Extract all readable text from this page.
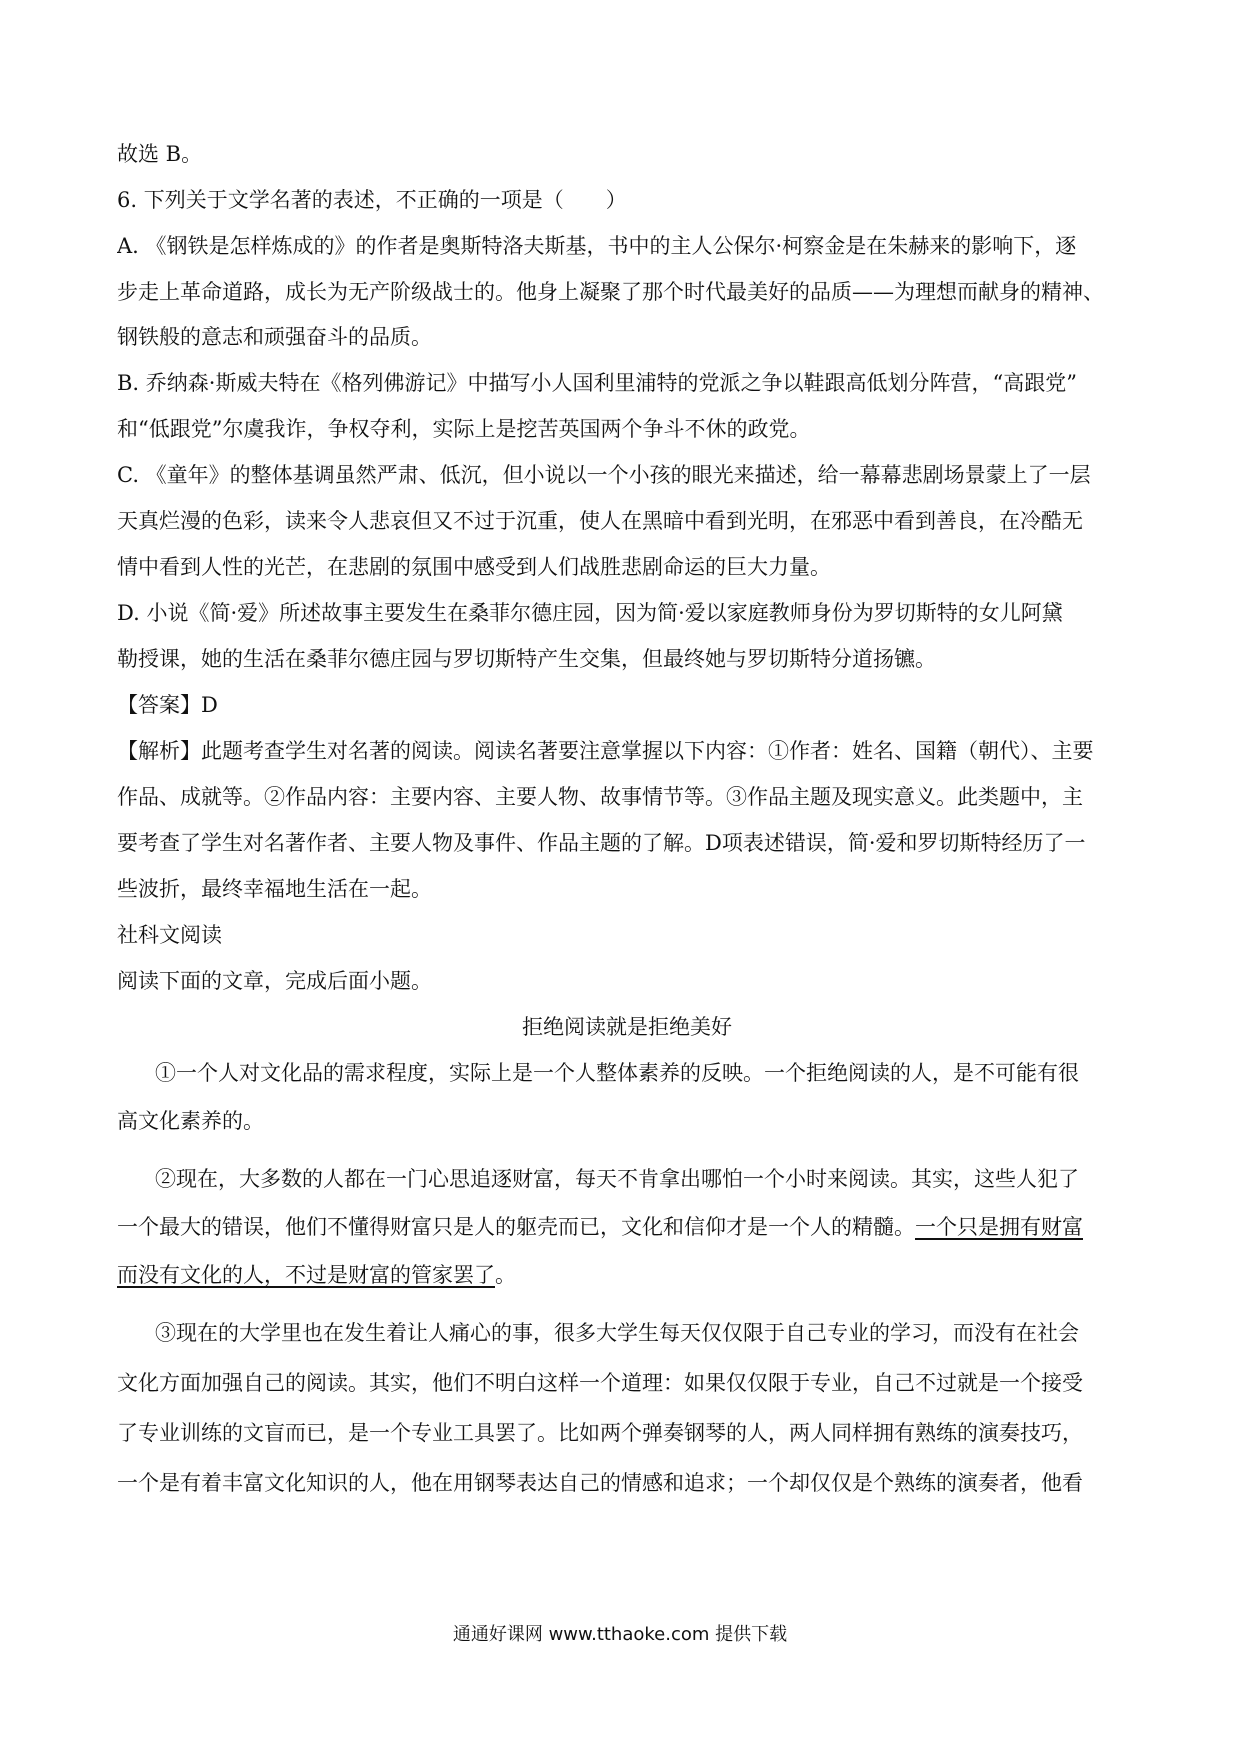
故选 B。
6. 下列关于文学名著的表述，不正确的一项是（　　）
A. 《钢铁是怎样炼成的》的作者是奥斯特洛夫斯基，书中的主人公保尔·柯察金是在朱赫来的影响下，逐
步走上革命道路，成长为无产阶级战士的。他身上凝聚了那个时代最美好的品质——为理想而献身的精神、
钢铁般的意志和顽强奋斗的品质。
B. 乔纳森·斯威夫特在《格列佛游记》中描写小人国利里浦特的党派之争以鞋跟高低划分阵营，“高跟党”
和“低跟党”尔虞我诈，争权夺利，实际上是挖苦英国两个争斗不休的政党。
C. 《童年》的整体基调虽然严肃、低沉，但小说以一个小孩的眼光来描述，给一幕幕悲剧场景蒙上了一层
天真烂漫的色彩，读来令人悲哀但又不过于沉重，使人在黑暗中看到光明，在邪恶中看到善良，在冷酷无
情中看到人性的光芒，在悲剧的氛围中感受到人们战胜悲剧命运的巨大力量。
D. 小说《简·爱》所述故事主要发生在桑菲尔德庄园，因为简·爱以家庭教师身份为罗切斯特的女儿阿黛
勒授课，她的生活在桑菲尔德庄园与罗切斯特产生交集，但最终她与罗切斯特分道扬镳。
【答案】D
【解析】此题考查学生对名著的阅读。阅读名著要注意掌握以下内容：①作者：姓名、国籍（朝代）、主要
作品、成就等。②作品内容：主要内容、主要人物、故事情节等。③作品主题及现实意义。此类题中，主
要考查了学生对名著作者、主要人物及事件、作品主题的了解。D项表述错误，简·爱和罗切斯特经历了一
些波折，最终幸福地生活在一起。
社科文阅读
阅读下面的文章，完成后面小题。
拒绝阅读就是拒绝美好
①一个人对文化品的需求程度，实际上是一个人整体素养的反映。一个拒绝阅读的人，是不可能有很
高文化素养的。
②现在，大多数的人都在一门心思追逐财富，每天不肯拿出哪怕一个小时来阅读。其实，这些人犯了
一个最大的错误，他们不懂得财富只是人的躯壳而已，文化和信仰才是一个人的精髓。一个只是拥有财富
而没有文化的人，不过是财富的管家罢了。
③现在的大学里也在发生着让人痛心的事，很多大学生每天仅仅限于自己专业的学习，而没有在社会
文化方面加强自己的阅读。其实，他们不明白这样一个道理：如果仅仅限于专业，自己不过就是一个接受
了专业训练的文盲而已，是一个专业工具罢了。比如两个弹奏钢琴的人，两人同样拥有熟练的演奏技巧，
一个是有着丰富文化知识的人，他在用钢琴表达自己的情感和追求；一个却仅仅是个熟练的演奏者，他看
通通好课网 www.tthaoke.com 提供下载
